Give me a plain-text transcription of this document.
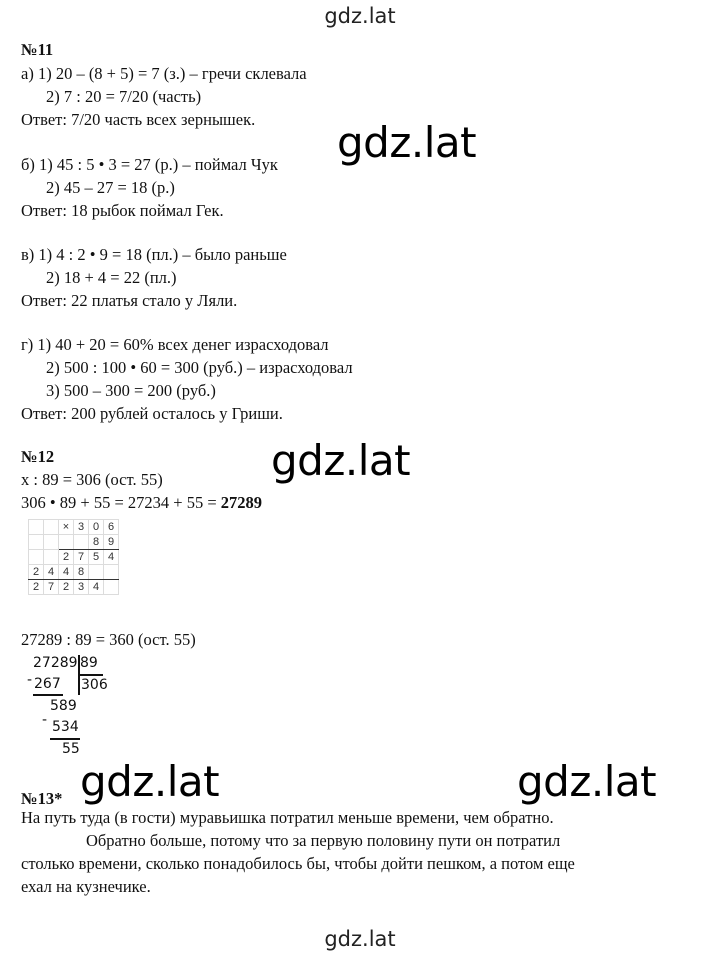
gdz.lat
№11
а) 1) 20 – (8 + 5) = 7 (з.) – гречи склевала
2) 7 : 20 = 7/20 (часть)
Ответ: 7/20 часть всех зернышек. gdz.lat
б) 1) 45 : 5 • 3 = 27 (р.) – поймал Чук
2) 45 – 27 = 18 (р.)
Ответ: 18 рыбок поймал Гек.
в) 1) 4 : 2 • 9 = 18 (пл.) – было раньше
2) 18 + 4 = 22 (пл.)
Ответ: 22 платья стало у Ляли.
г) 1) 40 + 20 = 60% всех денег израсходовал
2) 500 : 100 • 60 = 300 (руб.) – израсходовал
3) 500 – 300 = 200 (руб.)
Ответ: 200 рублей осталось у Гриши.
№12	gdz.lat
x : 89 = 306 (ост. 55)
306 • 89 + 55 = 27234 + 55 = 27289
		×	3	0	6
				8	9
		2	7	5	4
2	4	4	8		
2	7	2	3	4	
27289 : 89 = 360 (ост. 55)
27289 89
- 267 306
589
- 534
55
gdz.lat	gdz.lat
№13*
На путь туда (в гости) муравьишка потратил меньше времени, чем обратно.
Обратно больше, потому что за первую половину пути он потратил
столько времени, сколько понадобилось бы, чтобы дойти пешком, а потом еще
ехал на кузнечике.
gdz.lat
